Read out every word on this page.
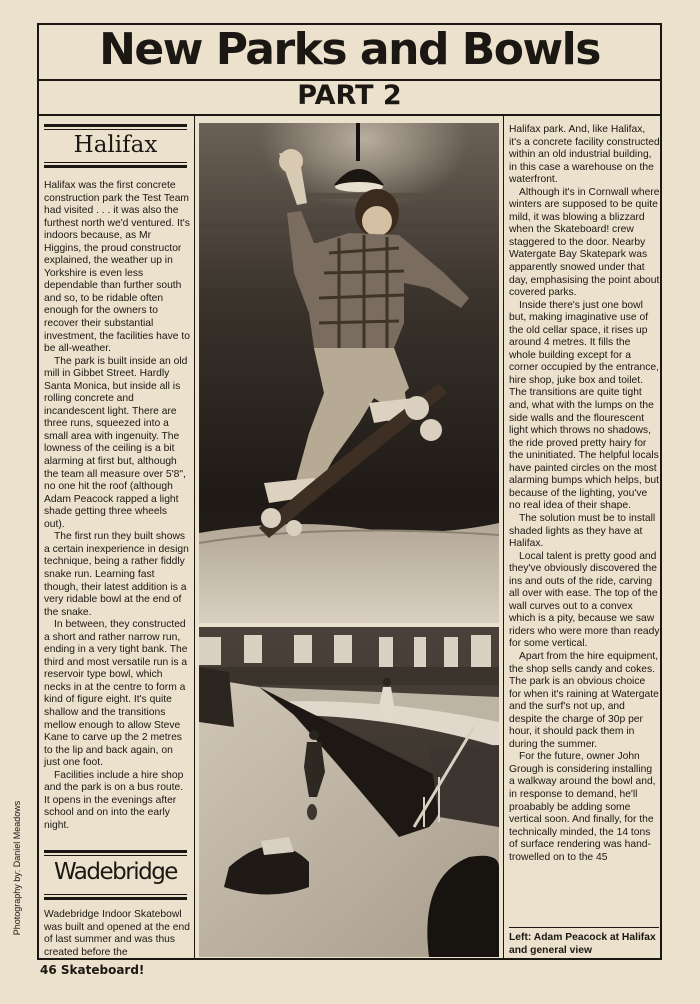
New Parks and Bowls
PART 2
Halifax

Halifax was the first concrete construction park the Test Team had visited . . . it was also the furthest north we'd ventured. It's indoors because, as Mr Higgins, the proud constructor explained, the weather up in Yorkshire is even less dependable than further south and so, to be ridable often enough for the owners to recover their substantial investment, the facilities have to be all-weather.

The park is built inside an old mill in Gibbet Street. Hardly Santa Monica, but inside all is rolling concrete and incandescent light. There are three runs, squeezed into a small area with ingenuity. The lowness of the ceiling is a bit alarming at first but, although the team all measure over 5'8", no one hit the roof (although Adam Peacock rapped a light shade getting three wheels out).

The first run they built shows a certain inexperience in design technique, being a rather fiddly snake run. Learning fast though, their latest addition is a very ridable bowl at the end of the snake.

In between, they constructed a short and rather narrow run, ending in a very tight bank. The third and most versatile run is a reservoir type bowl, which necks in at the centre to form a kind of figure eight. It's quite shallow and the transitions mellow enough to allow Steve Kane to carve up the 2 metres to the lip and back again, on just one foot.

Facilities include a hire shop and the park is on a bus route. It opens in the evenings after school and on into the early night.

Wadebridge

Wadebridge Indoor Skatebowl was built and opened at the end of last summer and was thus created before the

Halifax park. And, like Halifax, it's a concrete facility constructed within an old industrial building, in this case a warehouse on the waterfront.

Although it's in Cornwall where winters are supposed to be quite mild, it was blowing a blizzard when the Skateboard! crew staggered to the door. Nearby Watergate Bay Skatepark was apparently snowed under that day, emphasising the point about covered parks.

Inside there's just one bowl but, making imaginative use of the old cellar space, it rises up around 4 metres. It fills the whole building except for a corner occupied by the entrance, hire shop, juke box and toilet. The transitions are quite tight and, what with the lumps on the side walls and the flourescent light which throws no shadows, the ride proved pretty hairy for the uninitiated. The helpful locals have painted circles on the most alarming bumps which helps, but because of the lighting, you've no real idea of their shape.

The solution must be to install shaded lights as they have at Halifax.

Local talent is pretty good and they've obviously discovered the ins and outs of the ride, carving all over with ease. The top of the wall curves out to a convex which is a pity, because we saw riders who were more than ready for some vertical.

Apart from the hire equipment, the shop sells candy and cokes. The park is an obvious choice for when it's raining at Watergate and the surf's not up, and despite the charge of 30p per hour, it should pack them in during the summer.

For the future, owner John Grough is considering installing a walkway around the bowl and, in response to demand, he'll proabably be adding some vertical soon. And finally, for the technically minded, the 14 tons of surface rendering was hand-trowelled on to the 45

Left: Adam Peacock at Halifax and general view
Photography by: Daniel Meadows
46 Skateboard!
